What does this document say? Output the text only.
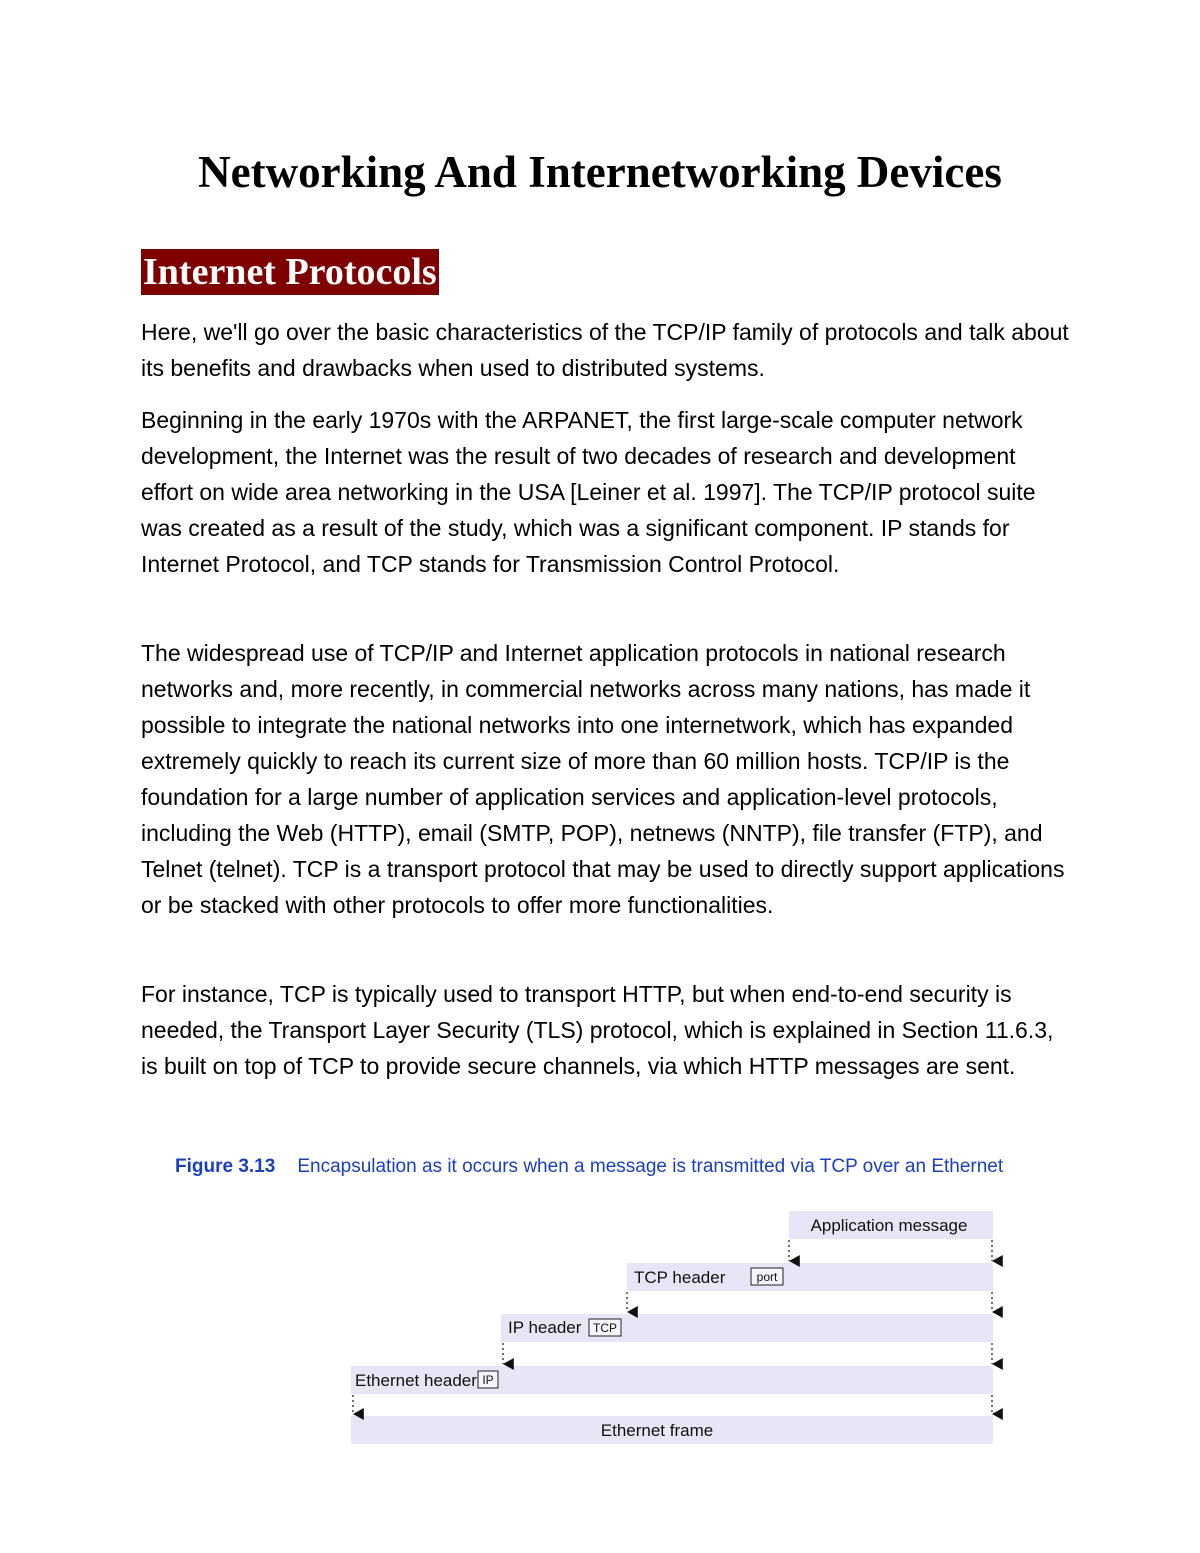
Networking And Internetworking Devices
Internet Protocols

Here, we'll go over the basic characteristics of the TCP/IP family of protocols and talk about its benefits and drawbacks when used to distributed systems.

Beginning in the early 1970s with the ARPANET, the first large-scale computer network development, the Internet was the result of two decades of research and development effort on wide area networking in the USA [Leiner et al. 1997]. The TCP/IP protocol suite was created as a result of the study, which was a significant component. IP stands for Internet Protocol, and TCP stands for Transmission Control Protocol.

The widespread use of TCP/IP and Internet application protocols in national research networks and, more recently, in commercial networks across many nations, has made it possible to integrate the national networks into one internetwork, which has expanded extremely quickly to reach its current size of more than 60 million hosts. TCP/IP is the foundation for a large number of application services and application-level protocols, including the Web (HTTP), email (SMTP, POP), netnews (NNTP), file transfer (FTP), and Telnet (telnet). TCP is a transport protocol that may be used to directly support applications or be stacked with other protocols to offer more functionalities.

For instance, TCP is typically used to transport HTTP, but when end-to-end security is needed, the Transport Layer Security (TLS) protocol, which is explained in Section 11.6.3, is built on top of TCP to provide secure channels, via which HTTP messages are sent.

Figure 3.13 Encapsulation as it occurs when a message is transmitted via TCP over an Ethernet
Application message
TCP header	port
IP header TCP
Ethernet header IP
Ethernet frame
